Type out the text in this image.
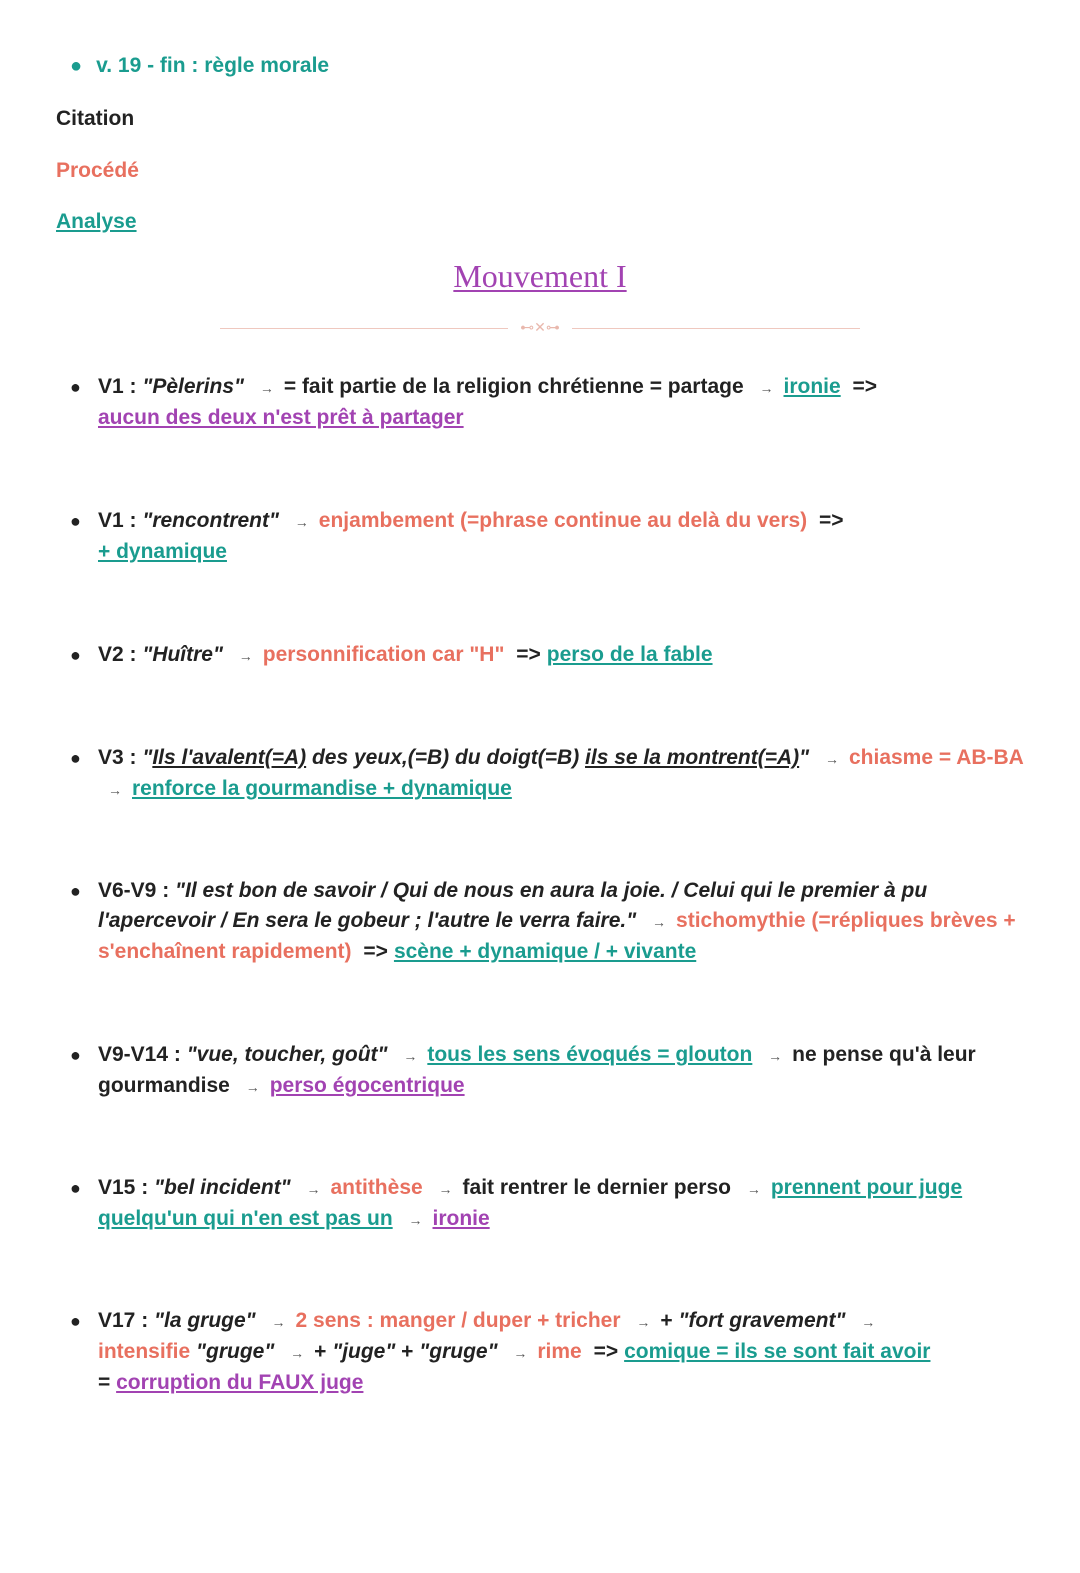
● v. 19 - fin : règle morale
Citation
Procédé
Analyse
Mouvement I
⊷✕⊶
● V1 : "Pèlerins" → = fait partie de la religion chrétienne = partage → ironie =>
aucun des deux n'est prêt à partager
● V1 : "rencontrent" → enjambement (=phrase continue au delà du vers) =>
+ dynamique
● V2 : "Huître" → personnification car "H" => perso de la fable
● V3 : "Ils l'avalent(=A) des yeux,(=B) du doigt(=B) ils se la montrent(=A)" → chiasme = AB-BA → renforce la gourmandise + dynamique
● V6-V9 : "Il est bon de savoir / Qui de nous en aura la joie. / Celui qui le premier à pu l'apercevoir / En sera le gobeur ; l'autre le verra faire." → stichomythie (=répliques brèves + s'enchaînent rapidement) => scène + dynamique / + vivante
● V9-V14 : "vue, toucher, goût" → tous les sens évoqués = glouton → ne pense qu'à leur gourmandise → perso égocentrique
● V15 : "bel incident" → antithèse → fait rentrer le dernier perso → prennent pour juge quelqu'un qui n'en est pas un → ironie
● V17 : "la gruge" → 2 sens : manger / duper + tricher → + "fort gravement" →
intensifie "gruge" → + "juge" + "gruge" → rime => comique = ils se sont fait avoir
= corruption du FAUX juge
